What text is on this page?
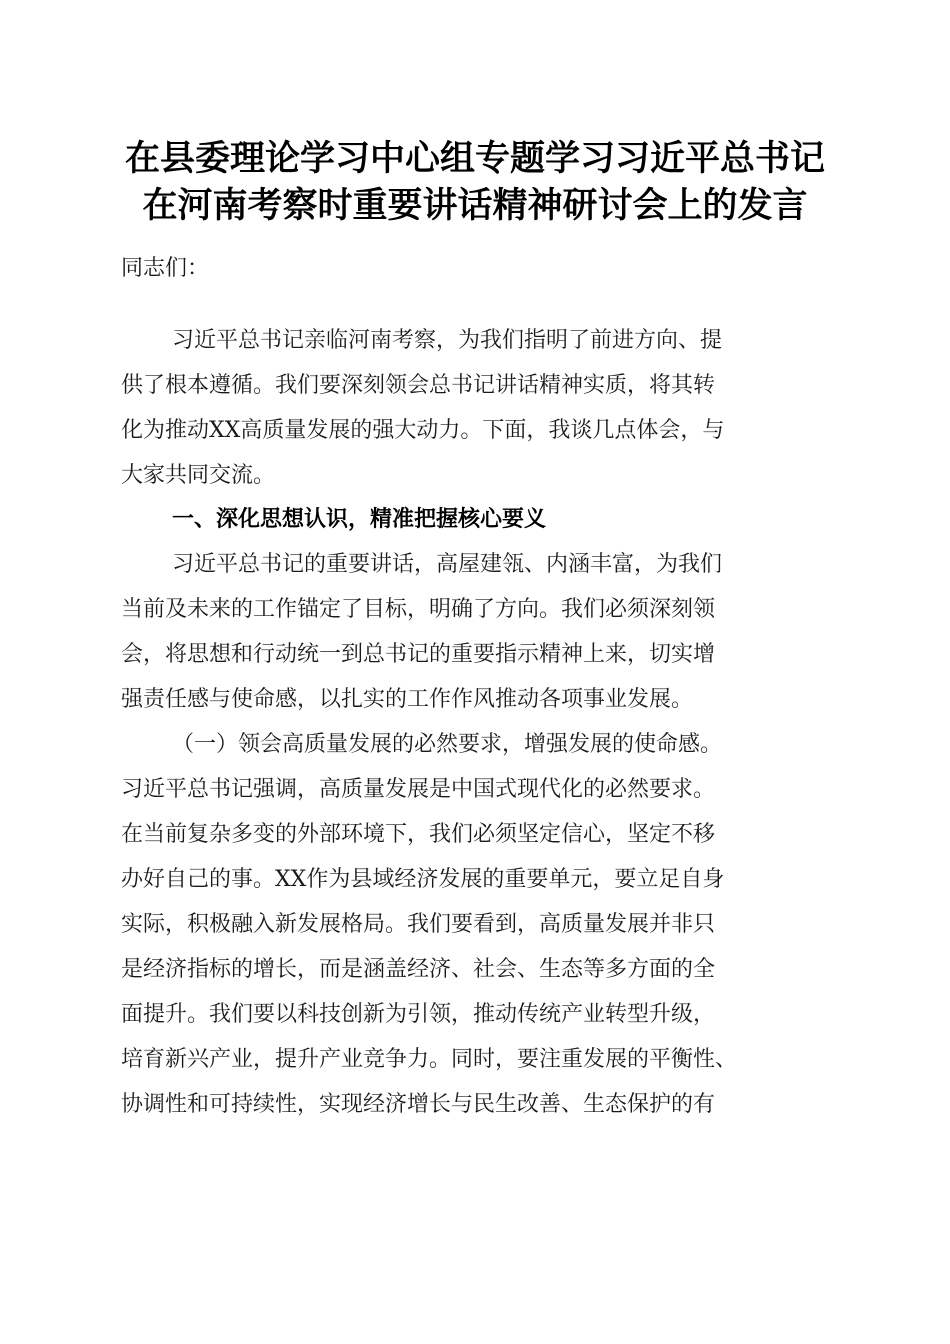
在县委理论学习中心组专题学习习近平总书记
在河南考察时重要讲话精神研讨会上的发言
同志们：
习近平总书记亲临河南考察，为我们指明了前进方向、提
供了根本遵循。我们要深刻领会总书记讲话精神实质，将其转
化为推动XX高质量发展的强大动力。下面，我谈几点体会，与
大家共同交流。
一、深化思想认识，精准把握核心要义
习近平总书记的重要讲话，高屋建瓴、内涵丰富，为我们
当前及未来的工作锚定了目标，明确了方向。我们必须深刻领
会，将思想和行动统一到总书记的重要指示精神上来，切实增
强责任感与使命感，以扎实的工作作风推动各项事业发展。
（一）领会高质量发展的必然要求，增强发展的使命感。
习近平总书记强调，高质量发展是中国式现代化的必然要求。
在当前复杂多变的外部环境下，我们必须坚定信心，坚定不移
办好自己的事。XX作为县域经济发展的重要单元，要立足自身
实际，积极融入新发展格局。我们要看到，高质量发展并非只
是经济指标的增长，而是涵盖经济、社会、生态等多方面的全
面提升。我们要以科技创新为引领，推动传统产业转型升级，
培育新兴产业，提升产业竞争力。同时，要注重发展的平衡性、
协调性和可持续性，实现经济增长与民生改善、生态保护的有
